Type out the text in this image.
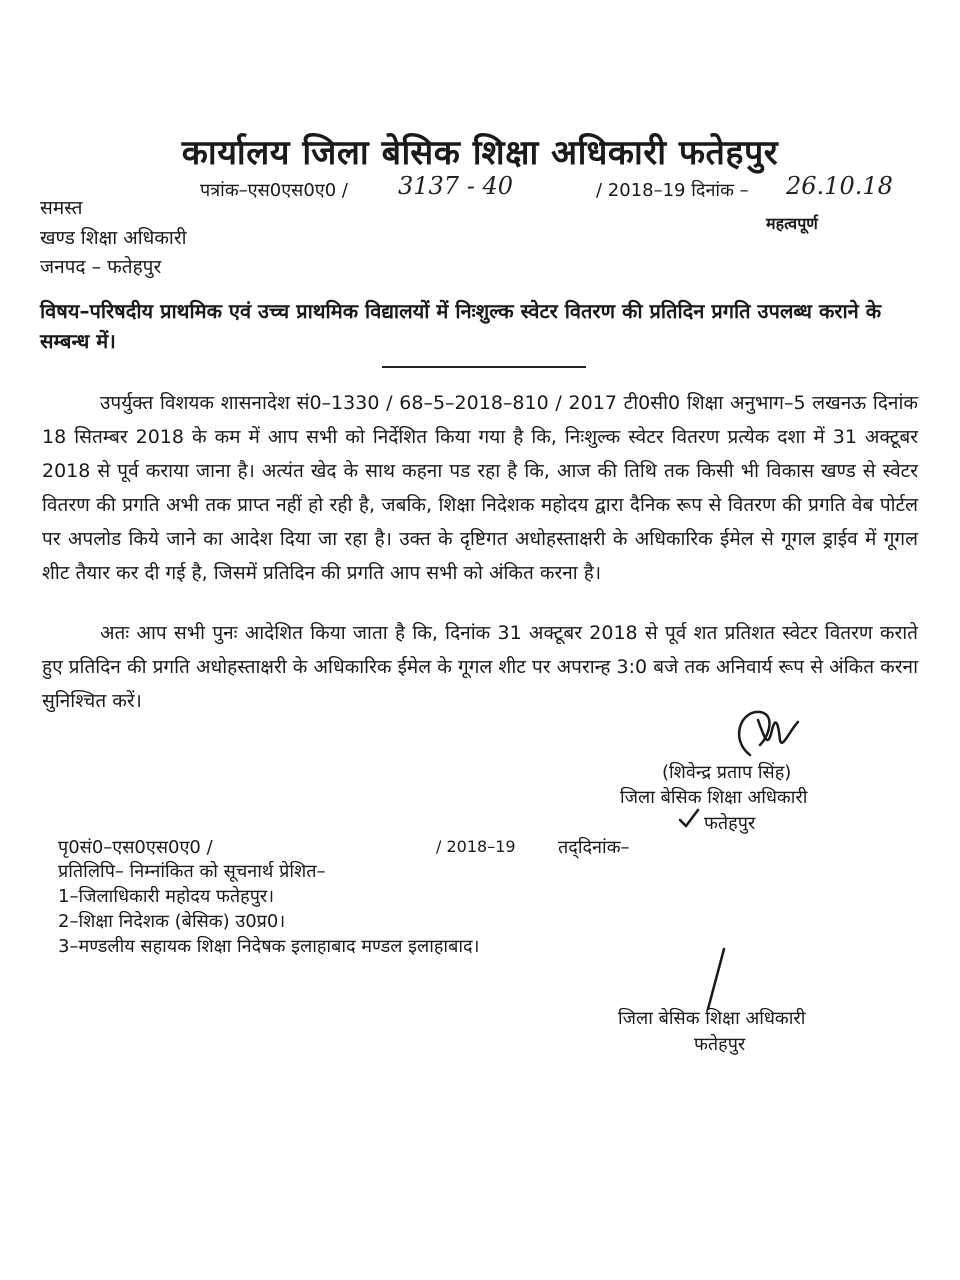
कार्यालय जिला बेसिक शिक्षा अधिकारी फतेहपुर
पत्रांक–एस0एस0ए0 / 3137 - 40	/ 2018–19 दिनांक – 26.10.18
महत्वपूर्ण
समस्त
खण्ड शिक्षा अधिकारी
जनपद – फतेहपुर
विषय–परिषदीय प्राथमिक एवं उच्च प्राथमिक विद्यालयों में निःशुल्क स्वेटर वितरण की प्रतिदिन प्रगति उपलब्ध कराने के सम्बन्ध में।
उपर्युक्त विशयक शासनादेश सं0–1330 / 68–5–2018–810 / 2017 टी0सी0 शिक्षा अनुभाग–5 लखनऊ दिनांक 18 सितम्बर 2018 के कम में आप सभी को निर्देशित किया गया है कि, निःशुल्क स्वेटर वितरण प्रत्येक दशा में 31 अक्टूबर 2018 से पूर्व कराया जाना है। अत्यंत खेद के साथ कहना पड रहा है कि, आज की तिथि तक किसी भी विकास खण्ड से स्वेटर वितरण की प्रगति अभी तक प्राप्त नहीं हो रही है, जबकि, शिक्षा निदेशक महोदय द्वारा दैनिक रूप से वितरण की प्रगति वेब पोर्टल पर अपलोड किये जाने का आदेश दिया जा रहा है। उक्त के दृष्टिगत अधोहस्ताक्षरी के अधिकारिक ईमेल से गूगल ड्राईव में गूगल शीट तैयार कर दी गई है, जिसमें प्रतिदिन की प्रगति आप सभी को अंकित करना है।
अतः आप सभी पुनः आदेशित किया जाता है कि, दिनांक 31 अक्टूबर 2018 से पूर्व शत प्रतिशत स्वेटर वितरण कराते हुए प्रतिदिन की प्रगति अधोहस्ताक्षरी के अधिकारिक ईमेल के गूगल शीट पर अपरान्ह 3:0 बजे तक अनिवार्य रूप से अंकित करना सुनिश्चित करें।
(शिवेन्द्र प्रताप सिंह)
जिला बेसिक शिक्षा अधिकारी
फतेहपुर
पृ0सं0–एस0एस0ए0 /	/ 2018–19 तद्‌दिनांक–
प्रतिलिपि– निम्नांकित को सूचनार्थ प्रेशित–
1–जिलाधिकारी महोदय फतेहपुर।
2–शिक्षा निदेशक (बेसिक) उ0प्र0।
3–मण्डलीय सहायक शिक्षा निदेषक इलाहाबाद मण्डल इलाहाबाद।
जिला बेसिक शिक्षा अधिकारी
फतेहपुर
